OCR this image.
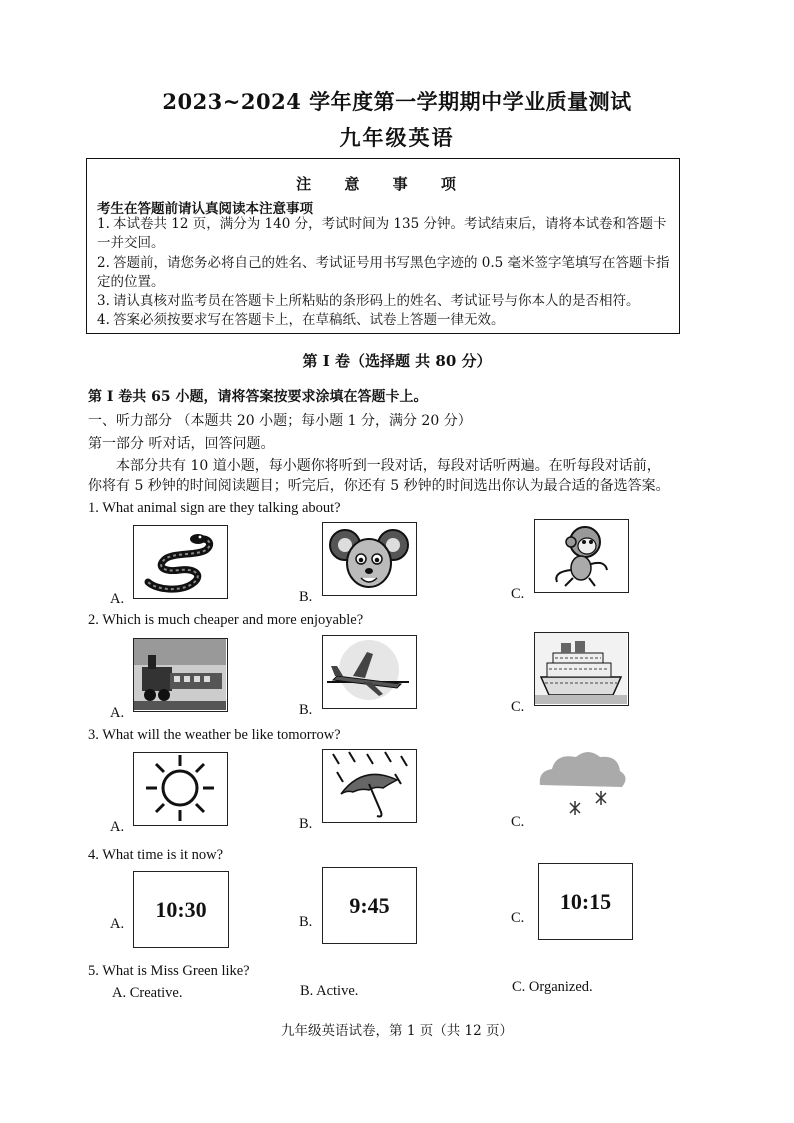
2023~2024 学年度第一学期期中学业质量测试
九年级英语
注 意 事 项
考生在答题前请认真阅读本注意事项
1. 本试卷共 12 页，满分为 140 分，考试时间为 135 分钟。考试结束后，请将本试卷和答题卡一并交回。
2. 答题前，请您务必将自己的姓名、考试证号用书写黑色字迹的 0.5 毫米签字笔填写在答题卡指定的位置。
3. 请认真核对监考员在答题卡上所粘贴的条形码上的姓名、考试证号与你本人的是否相符。
4. 答案必须按要求写在答题卡上，在草稿纸、试卷上答题一律无效。
第 I 卷（选择题 共 80 分）
第 I 卷共 65 小题，请将答案按要求涂填在答题卡上。
一、听力部分 （本题共 20 小题；每小题 1 分，满分 20 分）
第一部分 听对话，回答问题。
本部分共有 10 道小题，每小题你将听到一段对话，每段对话听两遍。在听每段对话前，
你将有 5 秒钟的时间阅读题目；听完后，你还有 5 秒钟的时间选出你认为最合适的备选答案。
1. What animal sign are they talking about?
A.	B.	C.
2. Which is much cheaper and more enjoyable?
A.	B.	C.
3. What will the weather be like tomorrow?
A.	B.	C.
4. What time is it now?
A.
10:30
B.
9:45
C.
10:15
5. What is Miss Green like?
A. Creative.	B. Active.	C. Organized.
九年级英语试卷，第 1 页（共 12 页）
